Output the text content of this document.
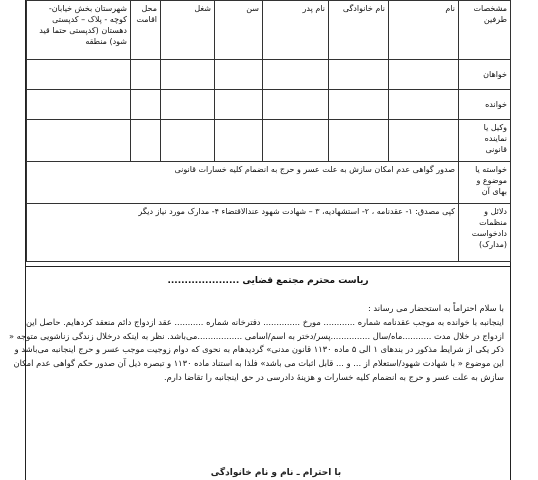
مشخصات طرفین	نام	نام خانوادگی	نام پدر	سن	شغل	محل اقامت	شهرستان بخش خیابان- کوچه - پلاک – کدپستی دهستان (کدپستی حتما قید شود) منطقه
خواهان							
خوانده							
وکیل یا نماینده قانونی							
خواسته یا موضوع و بهای آن	صدور گواهی عدم امکان سازش به علت عسر و حرج به انضمام کلیه خسارات قانونی						
دلائل و منظمات دادخواست (مدارک)	کپی مصدق: ۱- عقدنامه ، ۲- استشهادیه، ۳ – شهادت شهود عندالاقتضاء ۴- مدارک مورد نیاز دیگر						
ریاست محترم مجتمع قضایی .....................

با سلام احتراماً به استحضار می رساند :

اینجانبه با خوانده به موجب عقدنامه شماره ............ مورخ .............. دفترخانه شماره ........... عقد ازدواج دائم منعقد کردهایم. حاصل این

ازدواج در خلال مدت ...........ماه/سال ...............پسر/دختر به اسم/اسامی .................می‌باشد. نظر به اینکه درخلال زندگی زناشویی متوجه «

ذکر یکی از شرایط مذکور در بندهای ۱ الی ۵ ماده ۱۱۳۰ قانون مدنی» گردیدهام به نحوی که دوام زوجیت موجب عسر و حرج اینجانبه می‌باشد و

این موضوع « با شهادت شهود/استعلام از ... و ... قابل اثبات می باشد» فلذا به استناد ماده ۱۱۳۰ و تبصره ذیل آن صدور حکم گواهی عدم امکان

سازش به علت عسر و حرج به انضمام کلیه خسارات و هزینۀ دادرسی در حق اینجانبه را تقاضا دارم.

با احترام ـ نام و نام خانوادگی
